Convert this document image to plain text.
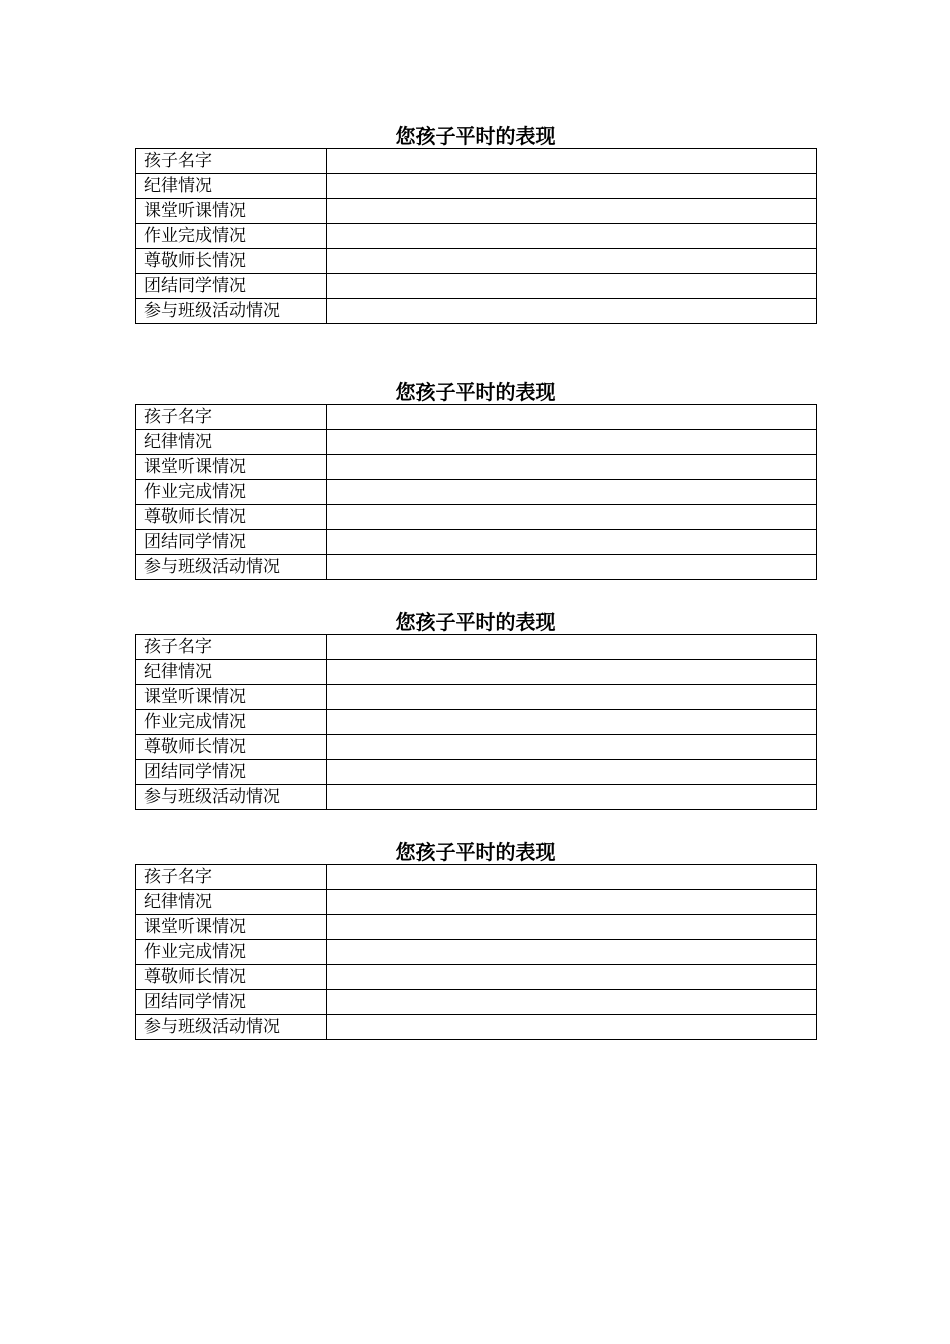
您孩子平时的表现
孩子名字	
纪律情况	
课堂听课情况	
作业完成情况	
尊敬师长情况	
团结同学情况	
参与班级活动情况	
您孩子平时的表现
孩子名字	
纪律情况	
课堂听课情况	
作业完成情况	
尊敬师长情况	
团结同学情况	
参与班级活动情况	
您孩子平时的表现
孩子名字	
纪律情况	
课堂听课情况	
作业完成情况	
尊敬师长情况	
团结同学情况	
参与班级活动情况	
您孩子平时的表现
孩子名字	
纪律情况	
课堂听课情况	
作业完成情况	
尊敬师长情况	
团结同学情况	
参与班级活动情况	
